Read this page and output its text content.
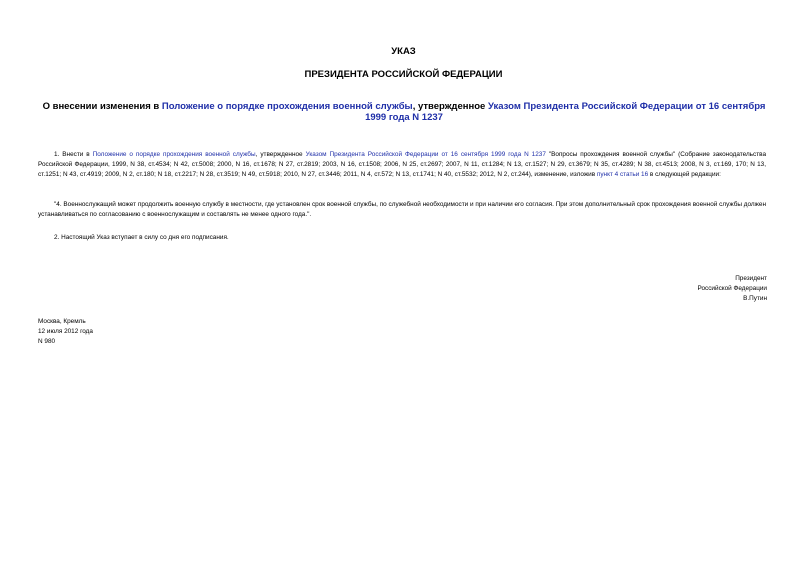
УКАЗ
ПРЕЗИДЕНТА РОССИЙСКОЙ ФЕДЕРАЦИИ
О внесении изменения в Положение о порядке прохождения военной службы, утвержденное Указом Президента Российской Федерации от 16 сентября 1999 года N 1237
1. Внести в Положение о порядке прохождения военной службы, утвержденное Указом Президента Российской Федерации от 16 сентября 1999 года N 1237 "Вопросы прохождения военной службы" (Собрание законодательства Российской Федерации, 1999, N 38, ст.4534; N 42, ст.5008; 2000, N 16, ст.1678; N 27, ст.2819; 2003, N 16, ст.1508; 2006, N 25, ст.2697; 2007, N 11, ст.1284; N 13, ст.1527; N 29, ст.3679; N 35, ст.4289; N 38, ст.4513; 2008, N 3, ст.169, 170; N 13, ст.1251; N 43, ст.4919; 2009, N 2, ст.180; N 18, ст.2217; N 28, ст.3519; N 49, ст.5918; 2010, N 27, ст.3446; 2011, N 4, ст.572; N 13, ст.1741; N 40, ст.5532; 2012, N 2, ст.244), изменение, изложив пункт 4 статьи 16 в следующей редакции:
"4. Военнослужащий может продолжить военную службу в местности, где установлен срок военной службы, по служебной необходимости и при наличии его согласия. При этом дополнительный срок прохождения военной службы должен устанавливаться по согласованию с военнослужащим и составлять не менее одного года.".
2. Настоящий Указ вступает в силу со дня его подписания.
Президент
Российской Федерации
В.Путин
Москва, Кремль
12 июля 2012 года
N 980
